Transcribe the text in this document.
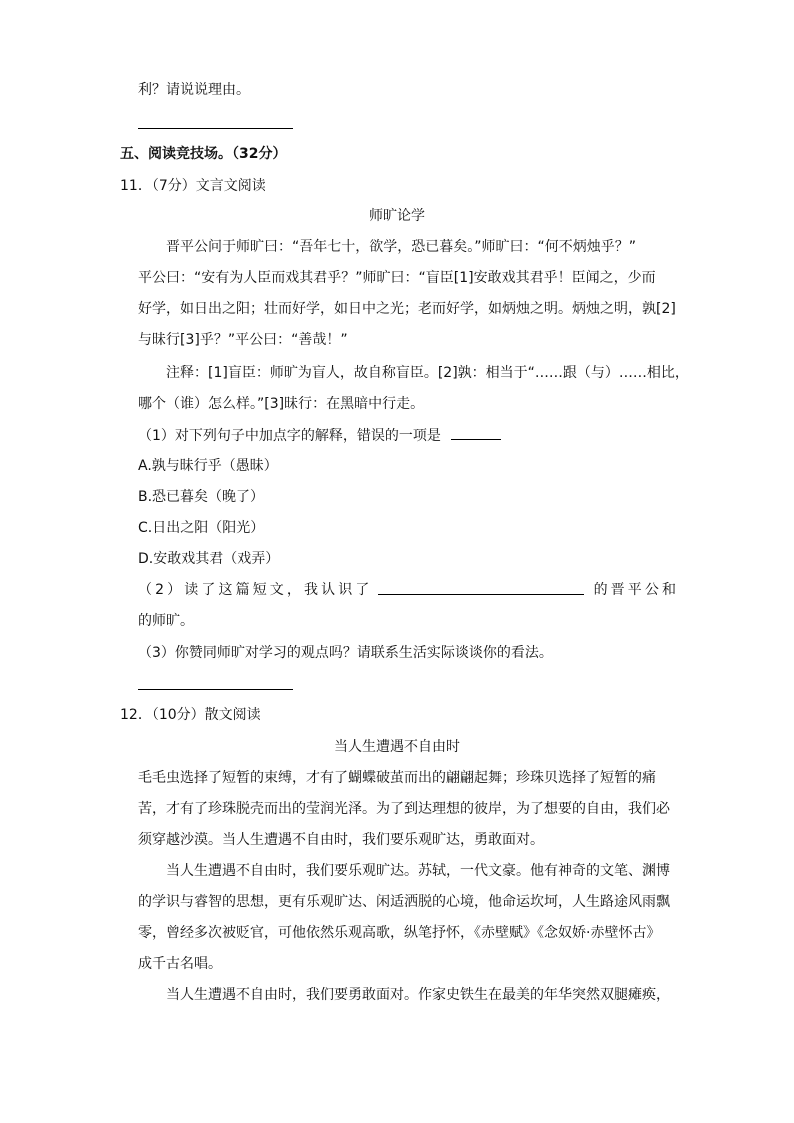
利？请说说理由。
五、阅读竞技场。（32分）
11．（7分）文言文阅读
师旷论学
晋平公问于师旷曰：“吾年七十，欲学，恐已暮矣。”师旷曰：“何不炳烛乎？”
平公曰：“安有为人臣而戏其君乎？”师旷曰：“盲臣[1]安敢戏其君乎！臣闻之，少而
好学，如日出之阳；壮而好学，如日中之光；老而好学，如炳烛之明。炳烛之明，孰[2]
与昧行[3]乎？”平公曰：“善哉！”
注释：[1]盲臣：师旷为盲人，故自称盲臣。[2]孰：相当于“……跟（与）……相比，
哪个（谁）怎么样。”[3]昧行：在黑暗中行走。
（1）对下列句子中加点字的解释，错误的一项是
A.孰与昧行乎（愚昧）
B.恐已暮矣（晚了）
C.日出之阳（阳光）
D.安敢戏其君（戏弄）
（ 2 ） 读 了 这 篇 短 文 ， 我 认 识 了	的 晋 平 公 和
的师旷。
（3）你赞同师旷对学习的观点吗？请联系生活实际谈谈你的看法。
12．（10分）散文阅读
当人生遭遇不自由时
毛毛虫选择了短暂的束缚，才有了蝴蝶破茧而出的翩翩起舞；珍珠贝选择了短暂的痛
苦，才有了珍珠脱壳而出的莹润光泽。为了到达理想的彼岸，为了想要的自由，我们必
须穿越沙漠。当人生遭遇不自由时，我们要乐观旷达，勇敢面对。
当人生遭遇不自由时，我们要乐观旷达。苏轼，一代文豪。他有神奇的文笔、渊博
的学识与睿智的思想，更有乐观旷达、闲适洒脱的心境，他命运坎坷，人生路途风雨飘
零，曾经多次被贬官，可他依然乐观高歌，纵笔抒怀，《赤壁赋》《念奴娇·赤壁怀古》
成千古名唱。
当人生遭遇不自由时，我们要勇敢面对。作家史铁生在最美的年华突然双腿瘫痪，
